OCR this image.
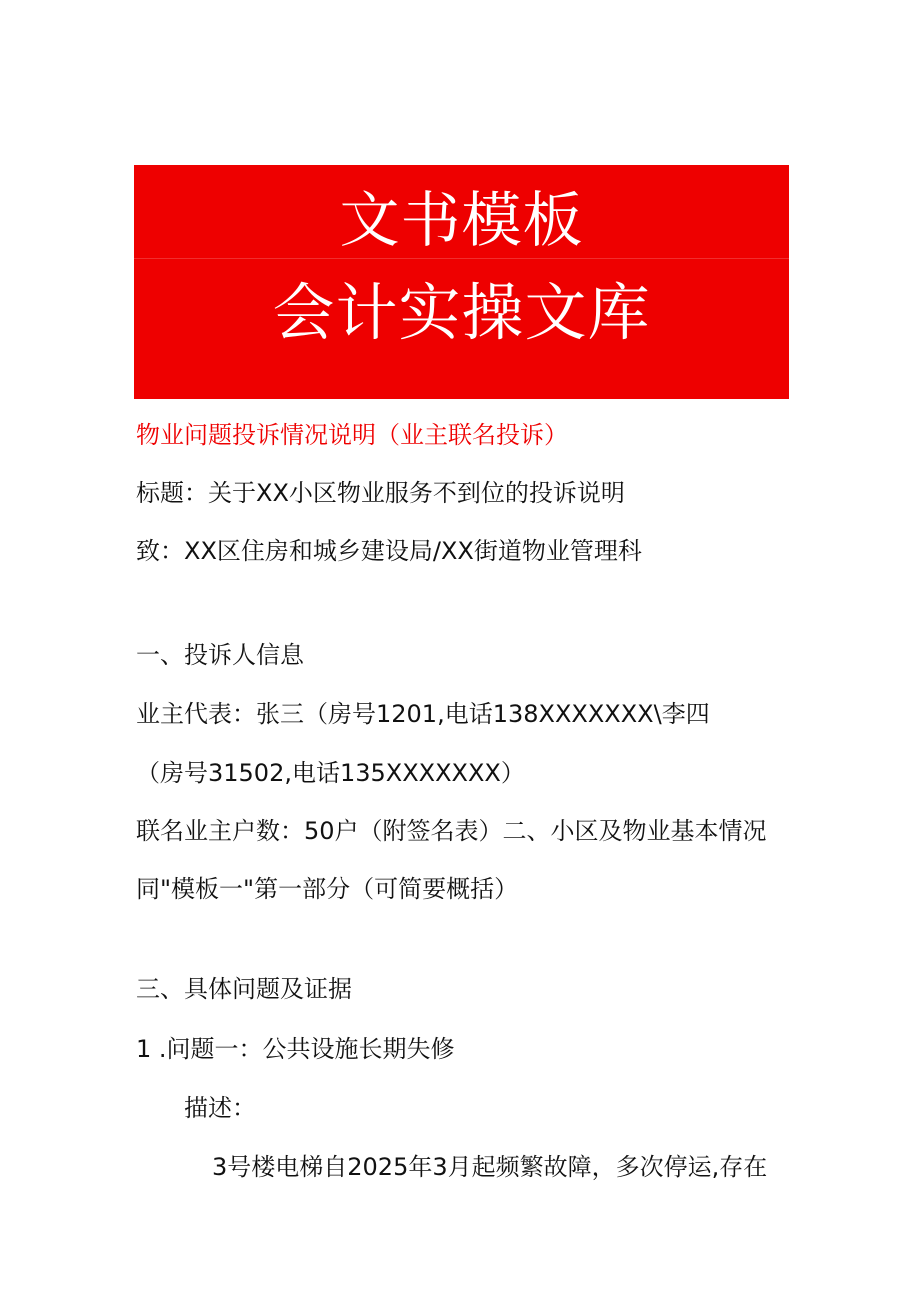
文书模板
会计实操文库
物业问题投诉情况说明（业主联名投诉）
标题：关于XX小区物业服务不到位的投诉说明
致：XX区住房和城乡建设局/XX街道物业管理科
一、投诉人信息
业主代表：张三（房号1201,电话138XXXXXXX\李四
（房号31502,电话135XXXXXXX）
联名业主户数：50户（附签名表）二、小区及物业基本情况
同"模板一"第一部分（可简要概括）
三、具体问题及证据
1 .问题一：公共设施长期失修
描述：
3号楼电梯自2025年3月起频繁故障，多次停运,存在
